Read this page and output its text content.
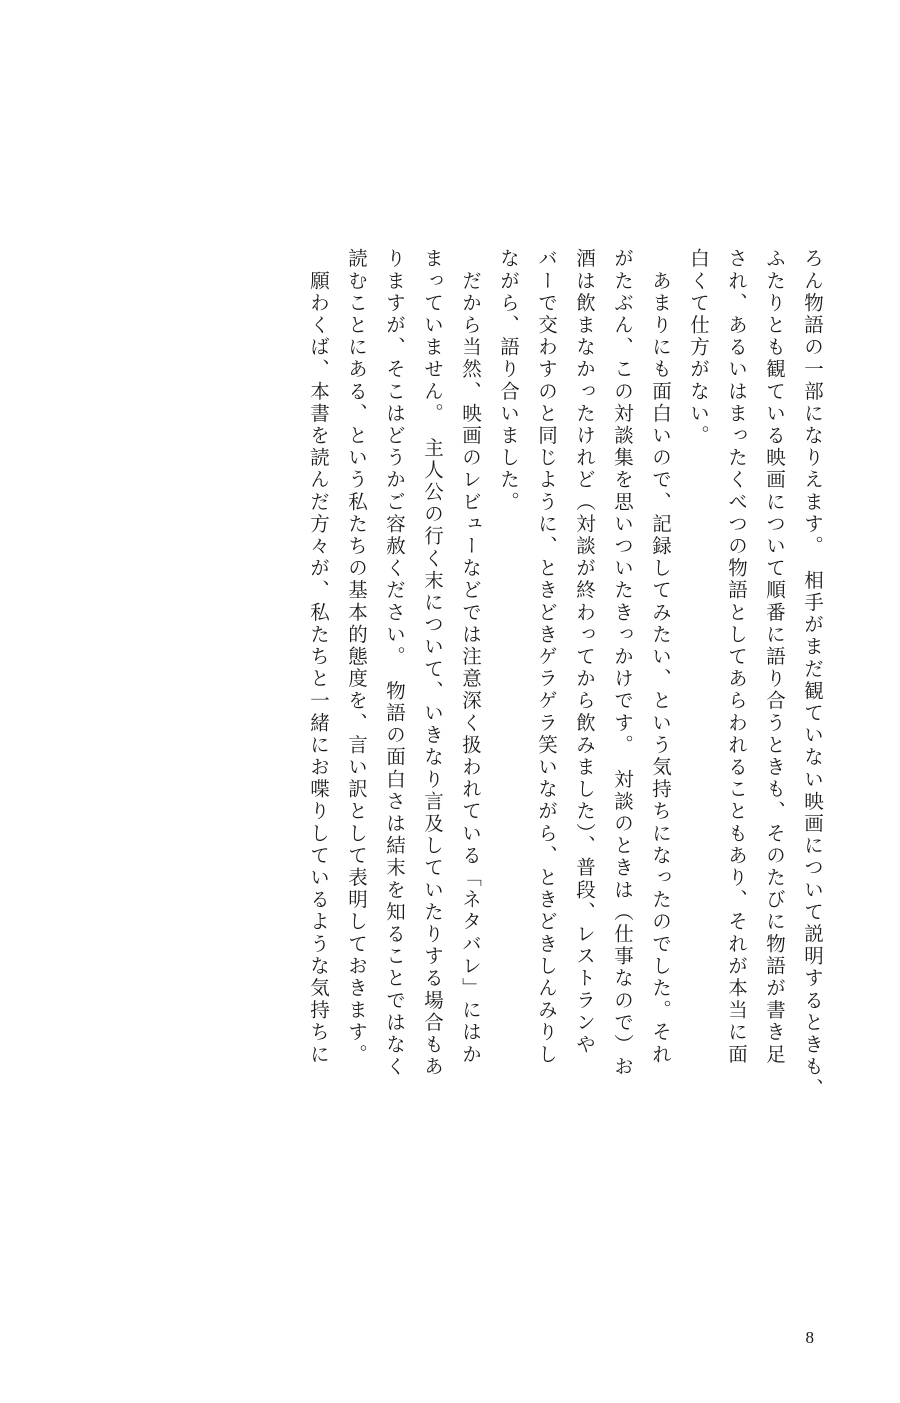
ろん物語の一部になりえます。　相手がまだ観ていない映画について説明するときも、
ふたりとも観ている映画について順番に語り合うときも、そのたびに物語が書き足
され、あるいはまったくべつの物語としてあらわれることもあり、それが本当に面
白くて仕方がない。
　あまりにも面白いので、記録してみたい、という気持ちになったのでした。それ
がたぶん、この対談集を思いついたきっかけです。　対談のときは（仕事なので）お
酒は飲まなかったけれど（対談が終わってから飲みました）、普段、レストランや
バーで交わすのと同じように、ときどきゲラゲラ笑いながら、ときどきしんみりし
ながら、語り合いました。
　だから当然、映画のレビューなどでは注意深く扱われている「ネタバレ」にはか
まっていません。　主人公の行く末について、いきなり言及していたりする場合もあ
りますが、そこはどうかご容赦ください。　物語の面白さは結末を知ることではなく
読むことにある、という私たちの基本的態度を、言い訳として表明しておきます。
　願わくば、本書を読んだ方々が、私たちと一緒にお喋りしているような気持ちに
8
